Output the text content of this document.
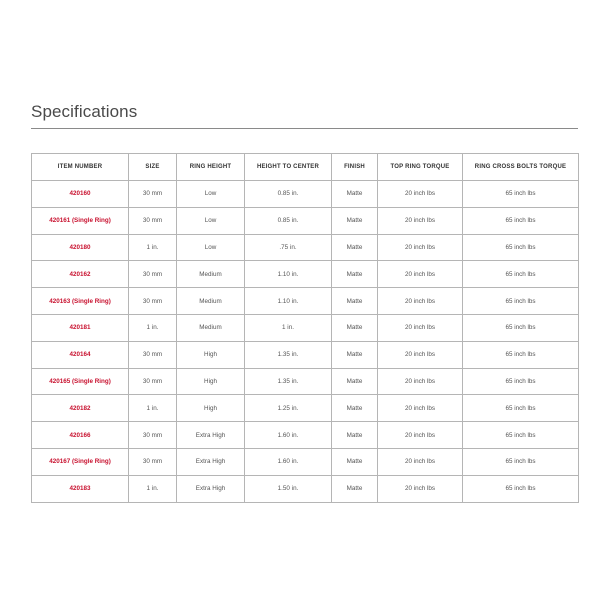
Specifications
ITEM NUMBER	SIZE	RING HEIGHT	HEIGHT TO CENTER	FINISH	TOP RING TORQUE	RING CROSS BOLTS TORQUE
420160	30 mm	Low	0.85 in.	Matte	20 inch lbs	65 inch lbs
420161 (Single Ring)	30 mm	Low	0.85 in.	Matte	20 inch lbs	65 inch lbs
420180	1 in.	Low	.75 in.	Matte	20 inch lbs	65 inch lbs
420162	30 mm	Medium	1.10 in.	Matte	20 inch lbs	65 inch lbs
420163 (Single Ring)	30 mm	Medium	1.10 in.	Matte	20 inch lbs	65 inch lbs
420181	1 in.	Medium	1 in.	Matte	20 inch lbs	65 inch lbs
420164	30 mm	High	1.35 in.	Matte	20 inch lbs	65 inch lbs
420165 (Single Ring)	30 mm	High	1.35 in.	Matte	20 inch lbs	65 inch lbs
420182	1 in.	High	1.25 in.	Matte	20 inch lbs	65 inch lbs
420166	30 mm	Extra High	1.60 in.	Matte	20 inch lbs	65 inch lbs
420167 (Single Ring)	30 mm	Extra High	1.60 in.	Matte	20 inch lbs	65 inch lbs
420183	1 in.	Extra High	1.50 in.	Matte	20 inch lbs	65 inch lbs
